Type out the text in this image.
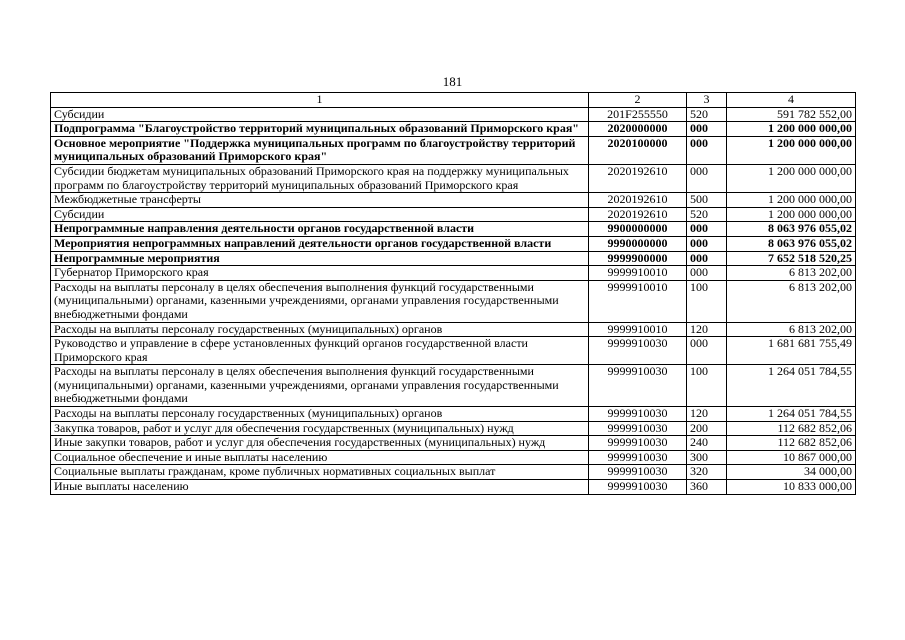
181
1	2	3	4
Субсидии	201F255550	520	591 782 552,00
Подпрограмма "Благоустройство территорий муниципальных образований Приморского края"	2020000000	000	1 200 000 000,00
Основное мероприятие "Поддержка муниципальных программ по благоустройству территорий муниципальных образований Приморского края"	2020100000	000	1 200 000 000,00
Субсидии бюджетам муниципальных образований Приморского края на поддержку муниципальных программ по благоустройству территорий муниципальных образований Приморского края	2020192610	000	1 200 000 000,00
Межбюджетные трансферты	2020192610	500	1 200 000 000,00
Субсидии	2020192610	520	1 200 000 000,00
Непрограммные направления деятельности органов государственной власти	9900000000	000	8 063 976 055,02
Мероприятия непрограммных направлений деятельности органов государственной власти	9990000000	000	8 063 976 055,02
Непрограммные мероприятия	9999900000	000	7 652 518 520,25
Губернатор Приморского края	9999910010	000	6 813 202,00
Расходы на выплаты персоналу в целях обеспечения выполнения функций государственными (муниципальными) органами, казенными учреждениями, органами управления государственными внебюджетными фондами	9999910010	100	6 813 202,00
Расходы на выплаты персоналу государственных (муниципальных) органов	9999910010	120	6 813 202,00
Руководство и управление в сфере установленных функций органов государственной власти Приморского края	9999910030	000	1 681 681 755,49
Расходы на выплаты персоналу в целях обеспечения выполнения функций государственными (муниципальными) органами, казенными учреждениями, органами управления государственными внебюджетными фондами	9999910030	100	1 264 051 784,55
Расходы на выплаты персоналу государственных (муниципальных) органов	9999910030	120	1 264 051 784,55
Закупка товаров, работ и услуг для обеспечения государственных (муниципальных) нужд	9999910030	200	112 682 852,06
Иные закупки товаров, работ и услуг для обеспечения государственных (муниципальных) нужд	9999910030	240	112 682 852,06
Социальное обеспечение и иные выплаты населению	9999910030	300	10 867 000,00
Социальные выплаты гражданам, кроме публичных нормативных социальных выплат	9999910030	320	34 000,00
Иные выплаты населению	9999910030	360	10 833 000,00
